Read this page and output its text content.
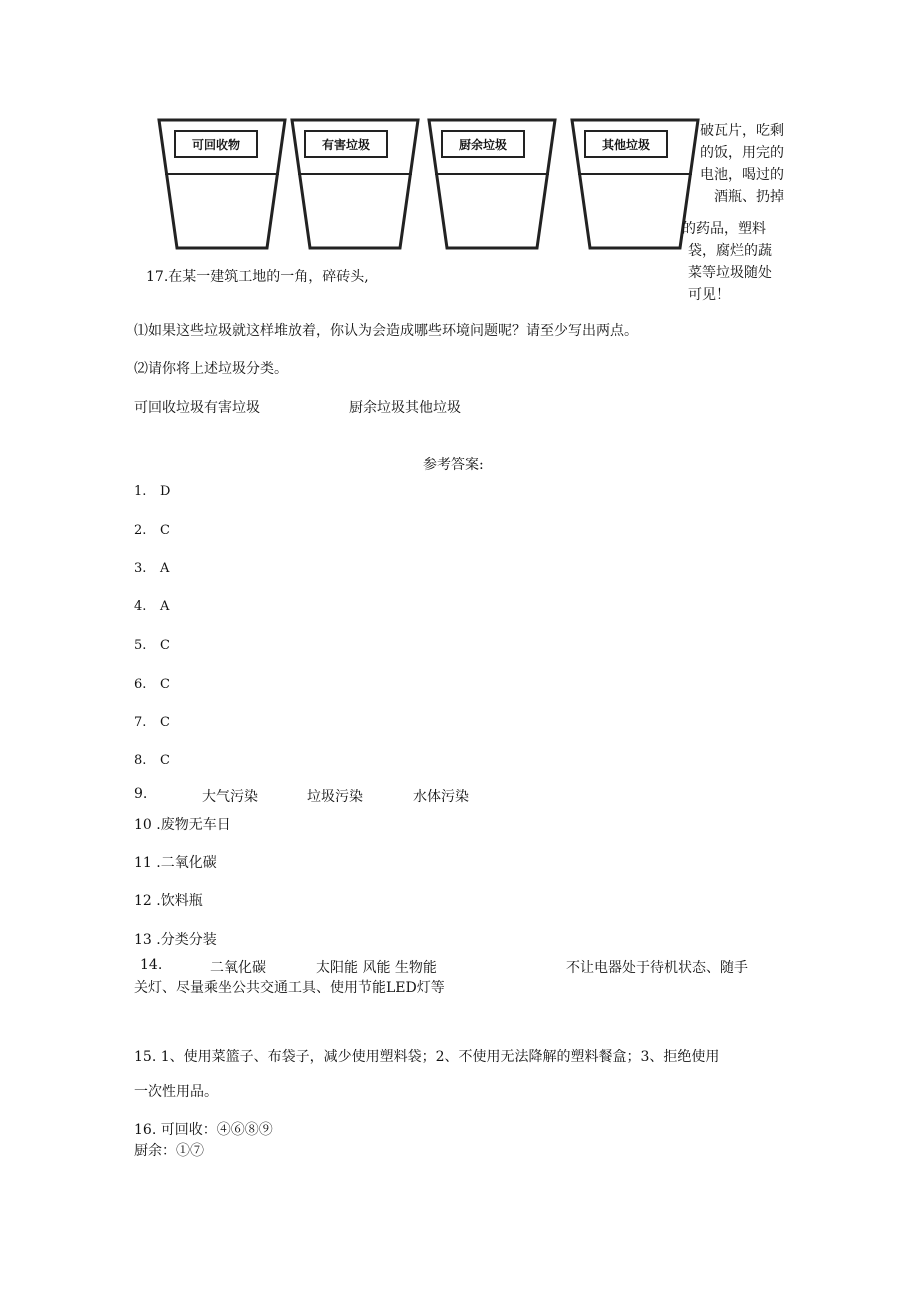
可回收物	有害垃圾	厨余垃圾	其他垃圾
破瓦片，吃剩
的饭，用完的
电池，喝过的
酒瓶、扔掉
的药品，塑料
袋，腐烂的蔬
菜等垃圾随处
可见！
17.在某一建筑工地的一角，碎砖头,
⑴如果这些垃圾就这样堆放着，你认为会造成哪些环境问题呢？请至少写出两点。
⑵请你将上述垃圾分类。
可回收垃圾有害垃圾	厨余垃圾其他垃圾
参考答案:
1. D
2. C
3. A
4. A
5. C
6. C
7. C
8. C
9.	大气污染	垃圾污染	水体污染
10 .废物无车日
11 .二氧化碳
12 .饮料瓶
13 .分类分装
14.	二氧化碳	太阳能 风能 生物能	不让电器处于待机状态、随手
关灯、尽量乘坐公共交通工具、使用节能LED灯等
15. 1、使用菜篮子、布袋子，减少使用塑料袋；2、不使用无法降解的塑料餐盒；3、拒绝使用
一次性用品。
16. 可回收：④⑥⑧⑨
厨余：①⑦
